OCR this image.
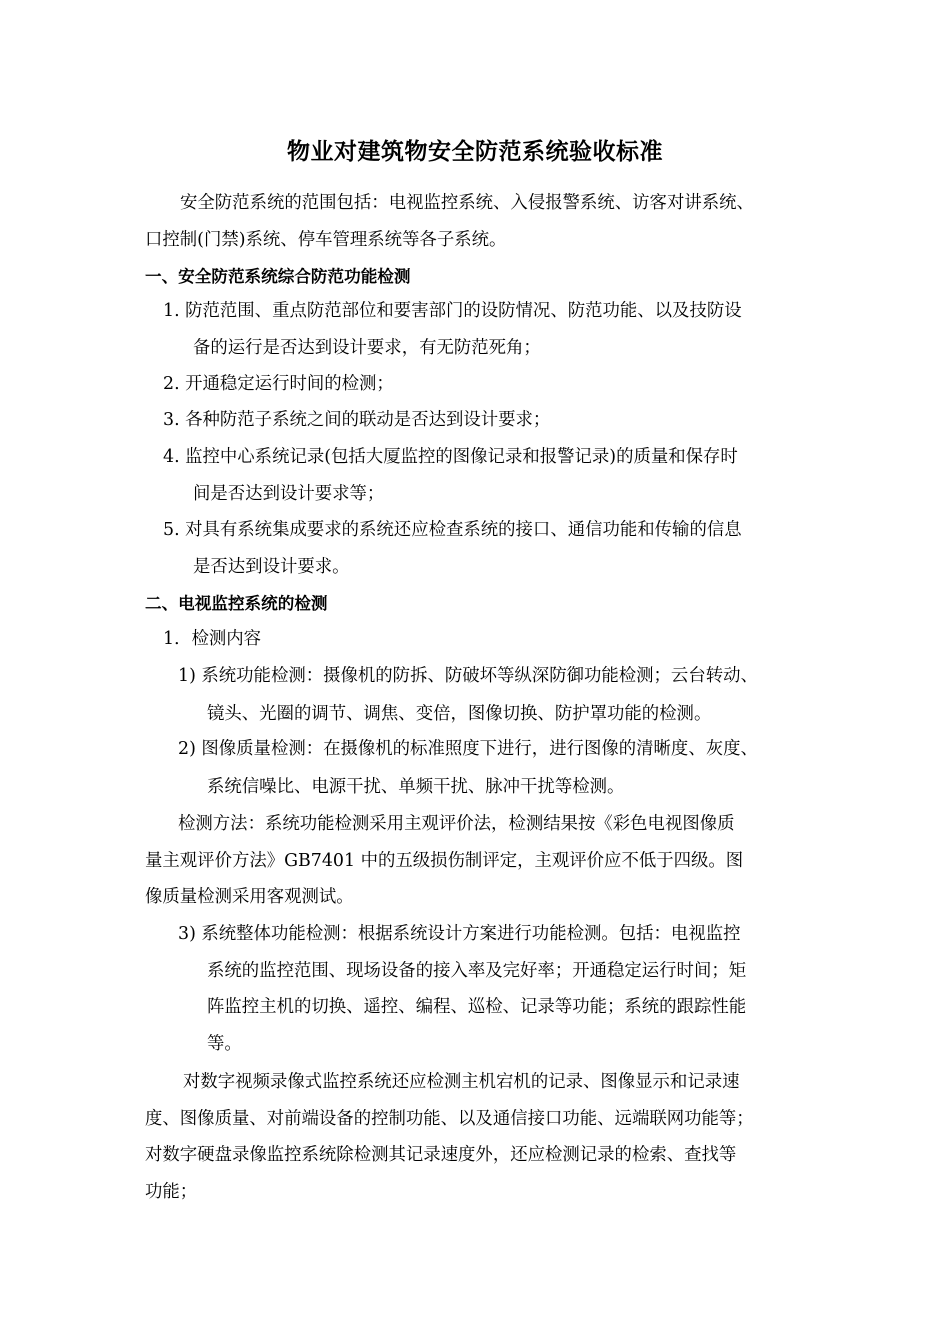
物业对建筑物安全防范系统验收标准
安全防范系统的范围包括：电视监控系统、入侵报警系统、访客对讲系统、
口控制(门禁)系统、停车管理系统等各子系统。
一、安全防范系统综合防范功能检测
1. 防范范围、重点防范部位和要害部门的设防情况、防范功能、以及技防设
备的运行是否达到设计要求，有无防范死角；
2. 开通稳定运行时间的检测；
3. 各种防范子系统之间的联动是否达到设计要求；
4. 监控中心系统记录(包括大厦监控的图像记录和报警记录)的质量和保存时
间是否达到设计要求等；
5. 对具有系统集成要求的系统还应检查系统的接口、通信功能和传输的信息
是否达到设计要求。
二、电视监控系统的检测
1．检测内容
1) 系统功能检测：摄像机的防拆、防破坏等纵深防御功能检测；云台转动、
镜头、光圈的调节、调焦、变倍，图像切换、防护罩功能的检测。
2) 图像质量检测：在摄像机的标准照度下进行，进行图像的清晰度、灰度、
系统信噪比、电源干扰、单频干扰、脉冲干扰等检测。
检测方法：系统功能检测采用主观评价法，检测结果按《彩色电视图像质
量主观评价方法》GB7401 中的五级损伤制评定，主观评价应不低于四级。图
像质量检测采用客观测试。
3) 系统整体功能检测：根据系统设计方案进行功能检测。包括：电视监控
系统的监控范围、现场设备的接入率及完好率；开通稳定运行时间；矩
阵监控主机的切换、遥控、编程、巡检、记录等功能；系统的跟踪性能
等。
对数字视频录像式监控系统还应检测主机宕机的记录、图像显示和记录速
度、图像质量、对前端设备的控制功能、以及通信接口功能、远端联网功能等；
对数字硬盘录像监控系统除检测其记录速度外，还应检测记录的检索、查找等
功能；
